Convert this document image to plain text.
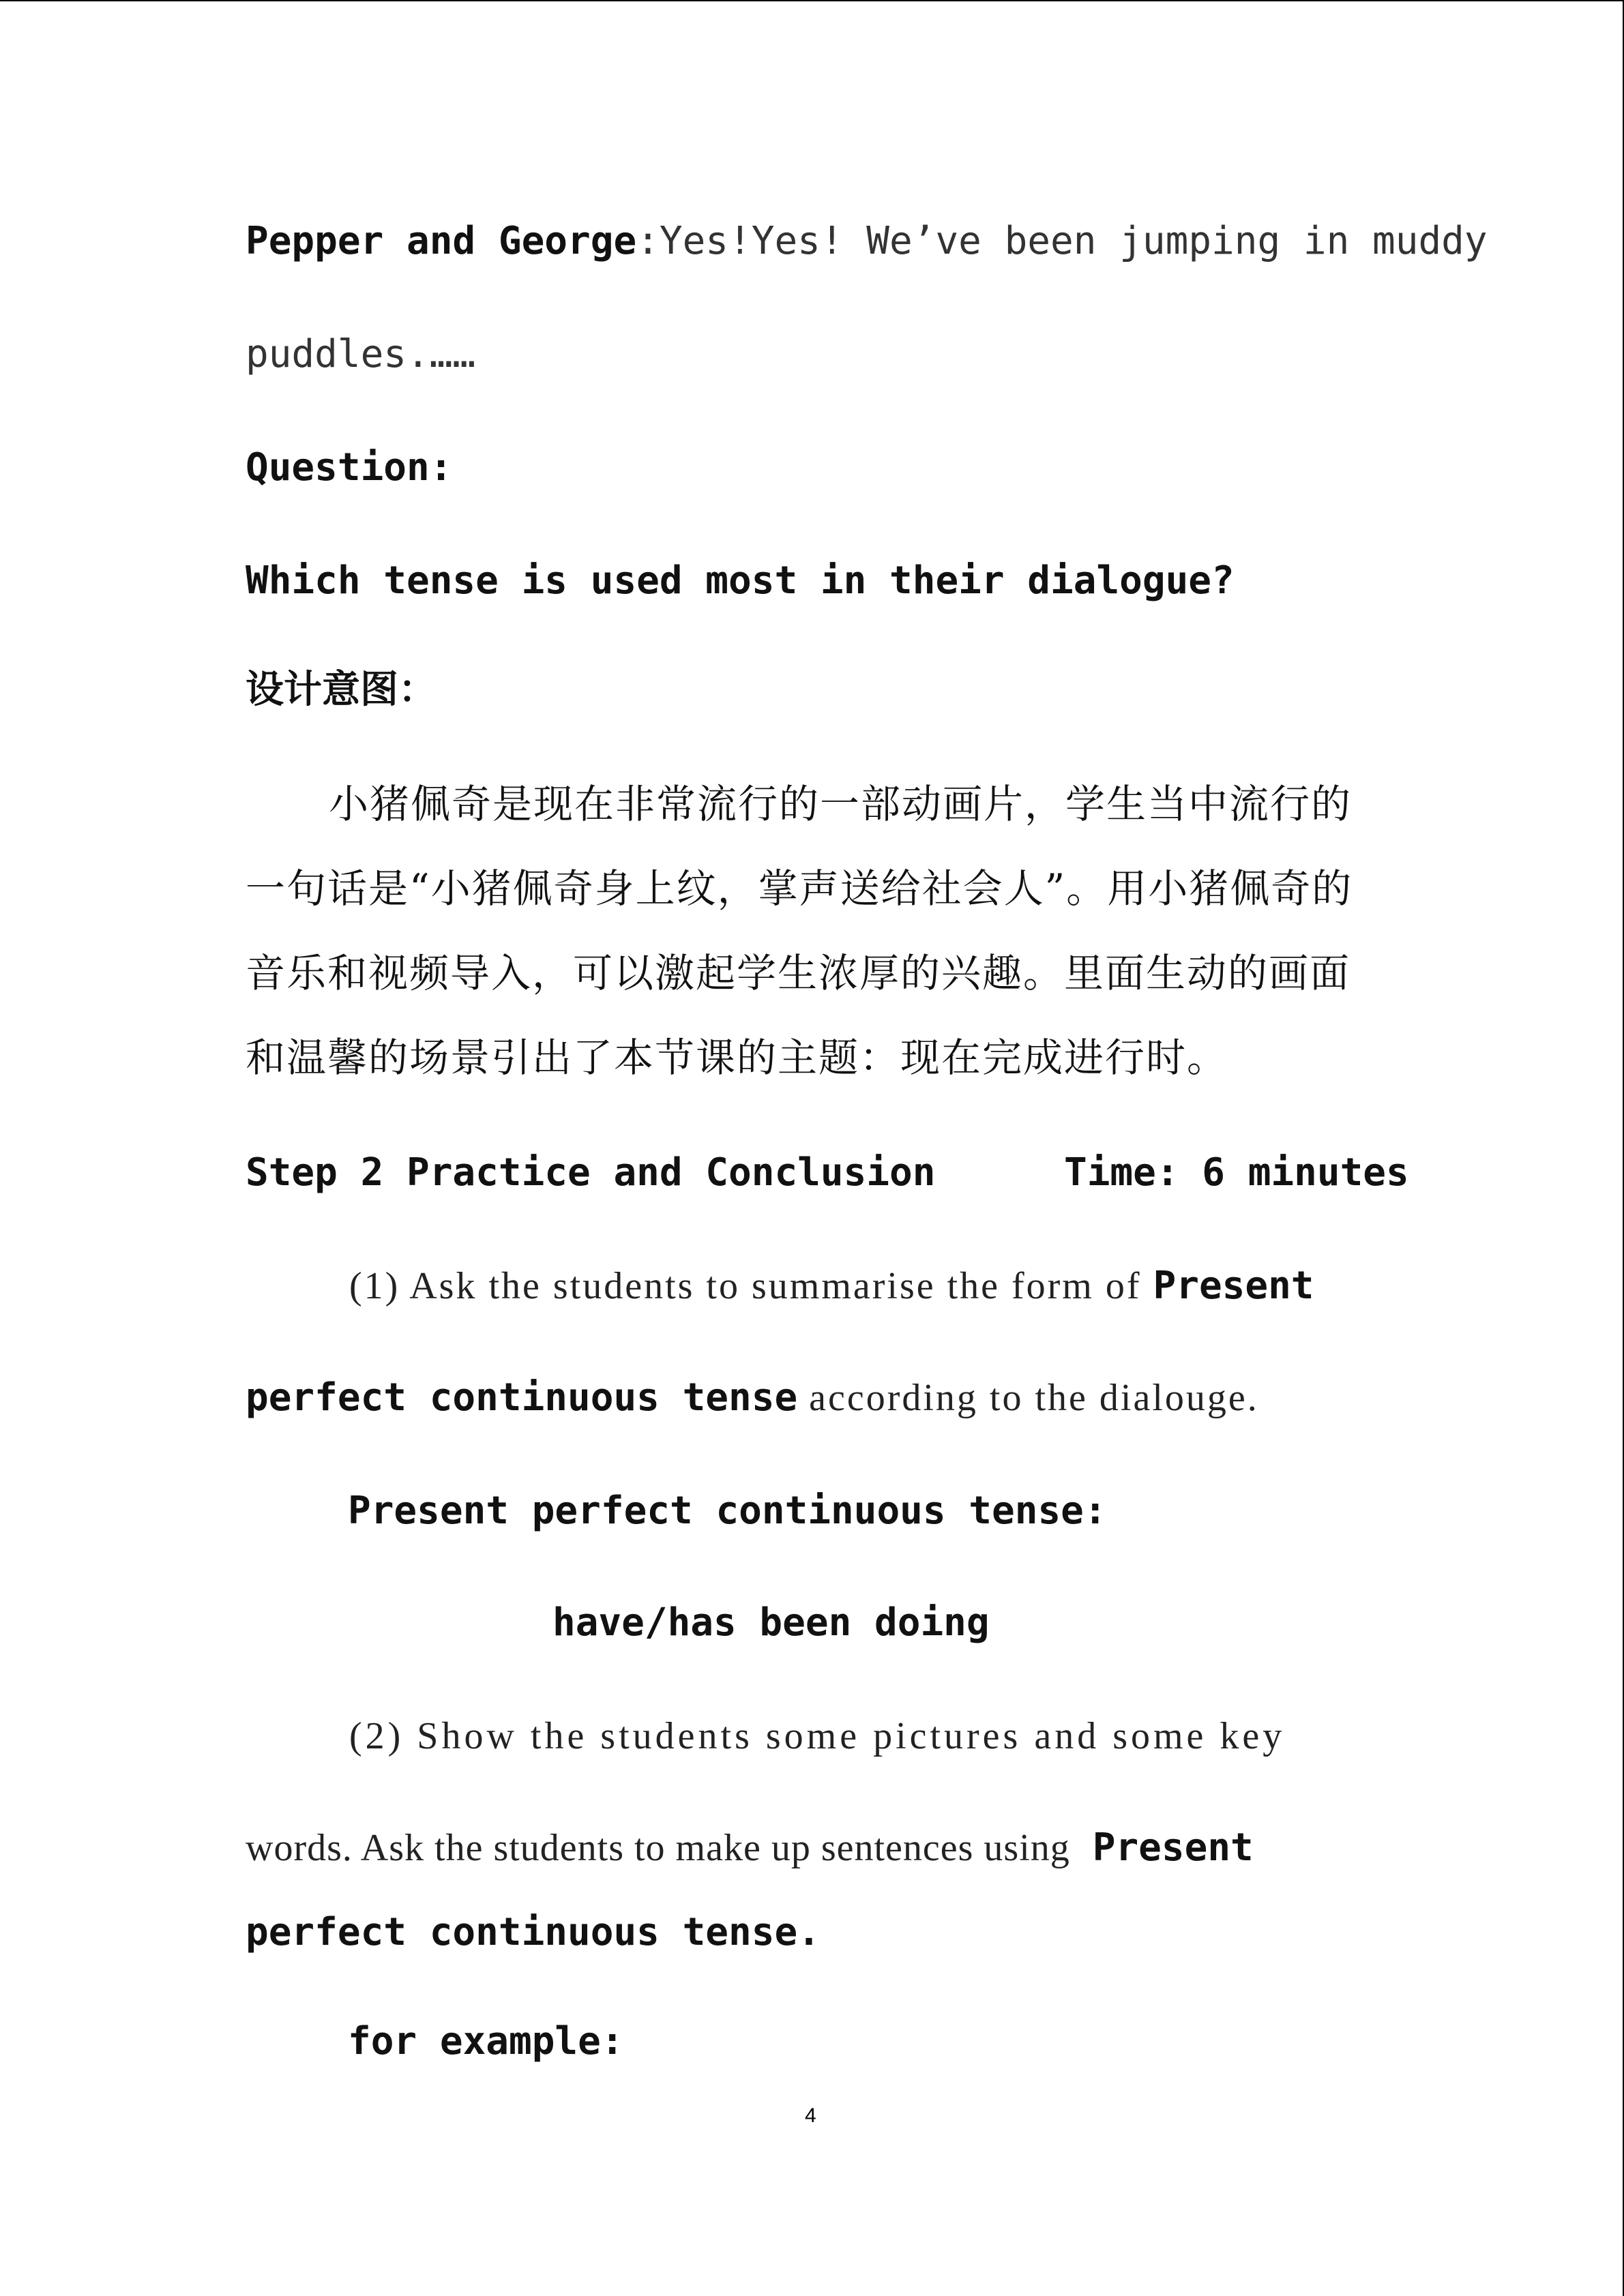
Pepper and George:Yes!Yes! We’ve been jumping in muddy
puddles.……
Question:
Which tense is used most in their dialogue?
设计意图：
小猪佩奇是现在非常流行的一部动画片，学生当中流行的
一句话是“小猪佩奇身上纹，掌声送给社会人”。用小猪佩奇的
音乐和视频导入，可以激起学生浓厚的兴趣。里面生动的画面
和温馨的场景引出了本节课的主题：现在完成进行时。
Step 2 Practice and Conclusion	Time: 6 minutes
(1) Ask the students to summarise the form of Present
perfect continuous tense according to the dialouge.
Present perfect continuous tense:
have/has been doing
(2) Show the students some pictures and some key
words. Ask the students to make up sentences using Present
perfect continuous tense.
for example:
4
